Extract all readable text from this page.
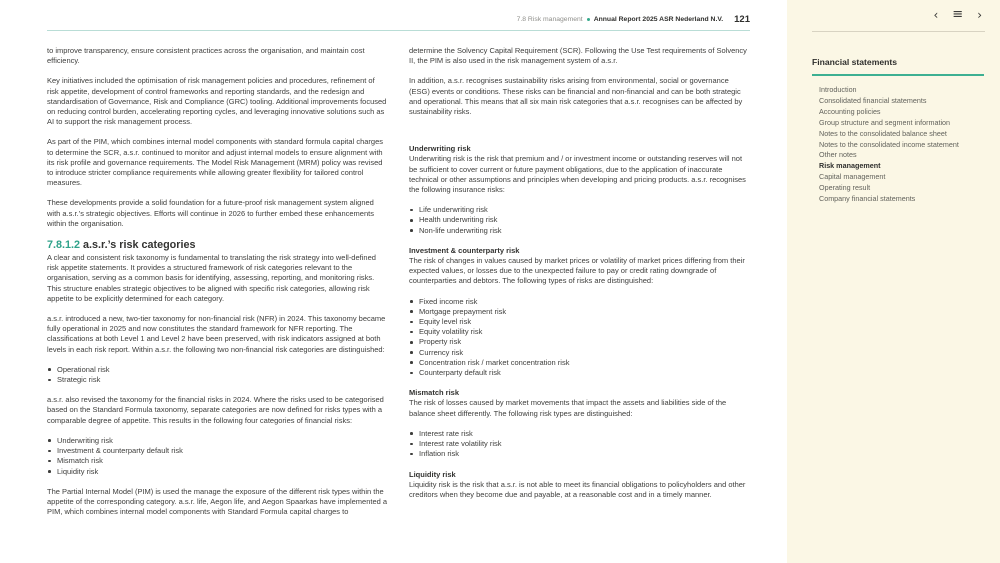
7.8 Risk management Annual Report 2025 ASR Nederland N.V. 121

to improve transparency, ensure consistent practices across the organisation, and maintain cost efficiency.

Key initiatives included the optimisation of risk management policies and procedures, refinement of risk appetite, development of control frameworks and reporting standards, and the redesign and standardisation of Governance, Risk and Compliance (GRC) tooling. Additional improvements focused on reducing control burden, accelerating reporting cycles, and leveraging innovative solutions such as AI to support the risk management process.

As part of the PIM, which combines internal model components with standard formula capital charges to determine the SCR, a.s.r. continued to monitor and adjust internal models to ensure alignment with its risk profile and governance requirements. The Model Risk Management (MRM) policy was revised to introduce stricter compliance requirements while allowing greater flexibility for tailored control measures.

These developments provide a solid foundation for a future-proof risk management system aligned with a.s.r.’s strategic objectives. Efforts will continue in 2026 to further embed these enhancements within the organisation.

7.8.1.2 a.s.r.’s risk categories

A clear and consistent risk taxonomy is fundamental to translating the risk strategy into well-defined risk appetite statements. It provides a structured framework of risk categories relevant to the organisation, serving as a common basis for identifying, assessing, reporting, and monitoring risks. This structure enables strategic objectives to be aligned with specific risk categories, allowing risk appetite to be explicitly determined for each category.

a.s.r. introduced a new, two-tier taxonomy for non-financial risk (NFR) in 2024. This taxonomy became fully operational in 2025 and now constitutes the standard framework for NFR reporting. The classifications at both Level 1 and Level 2 have been preserved, with risk indicators assigned at both levels in each risk report. Within a.s.r. the following two non-financial risk categories are distinguished:

Operational risk
Strategic risk

a.s.r. also revised the taxonomy for the financial risks in 2024. Where the risks used to be categorised based on the Standard Formula taxonomy, separate categories are now defined for risks types with a comparable degree of appetite. This results in the following four categories of financial risks:

Underwriting risk
Investment & counterparty default risk
Mismatch risk
Liquidity risk

The Partial Internal Model (PIM) is used the manage the exposure of the different risk types within the appetite of the corresponding category. a.s.r. life, Aegon life, and Aegon Spaarkas have implemented a PIM, which combines internal model components with Standard Formula capital charges to

determine the Solvency Capital Requirement (SCR). Following the Use Test requirements of Solvency II, the PIM is also used in the risk management system of a.s.r.

In addition, a.s.r. recognises sustainability risks arising from environmental, social or governance (ESG) events or conditions. These risks can be financial and non-financial and can be both strategic and operational. This means that all six main risk categories that a.s.r. recognises can be affected by sustainability risks.

Underwriting risk

Underwriting risk is the risk that premium and / or investment income or outstanding reserves will not be sufficient to cover current or future payment obligations, due to the application of inaccurate technical or other assumptions and principles when developing and pricing products. a.s.r. recognises the following insurance risks:

Life underwriting risk
Health underwriting risk
Non-life underwriting risk

Investment & counterparty risk

The risk of changes in values caused by market prices or volatility of market prices differing from their expected values, or losses due to the unexpected failure to pay or credit rating downgrade of counterparties and debtors. The following types of risks are distinguished:

Fixed income risk
Mortgage prepayment risk
Equity level risk
Equity volatility risk
Property risk
Currency risk
Concentration risk / market concentration risk
Counterparty default risk

Mismatch risk

The risk of losses caused by market movements that impact the assets and liabilities side of the balance sheet differently. The following risk types are distinguished:

Interest rate risk
Interest rate volatility risk
Inflation risk

Liquidity risk

Liquidity risk is the risk that a.s.r. is not able to meet its financial obligations to policyholders and other creditors when they become due and payable, at a reasonable cost and in a timely manner.

‹ ≡ ›
Financial statements
Introduction
Consolidated financial statements
Accounting policies
Group structure and segment information
Notes to the consolidated balance sheet
Notes to the consolidated income statement
Other notes
Risk management
Capital management
Operating result
Company financial statements
